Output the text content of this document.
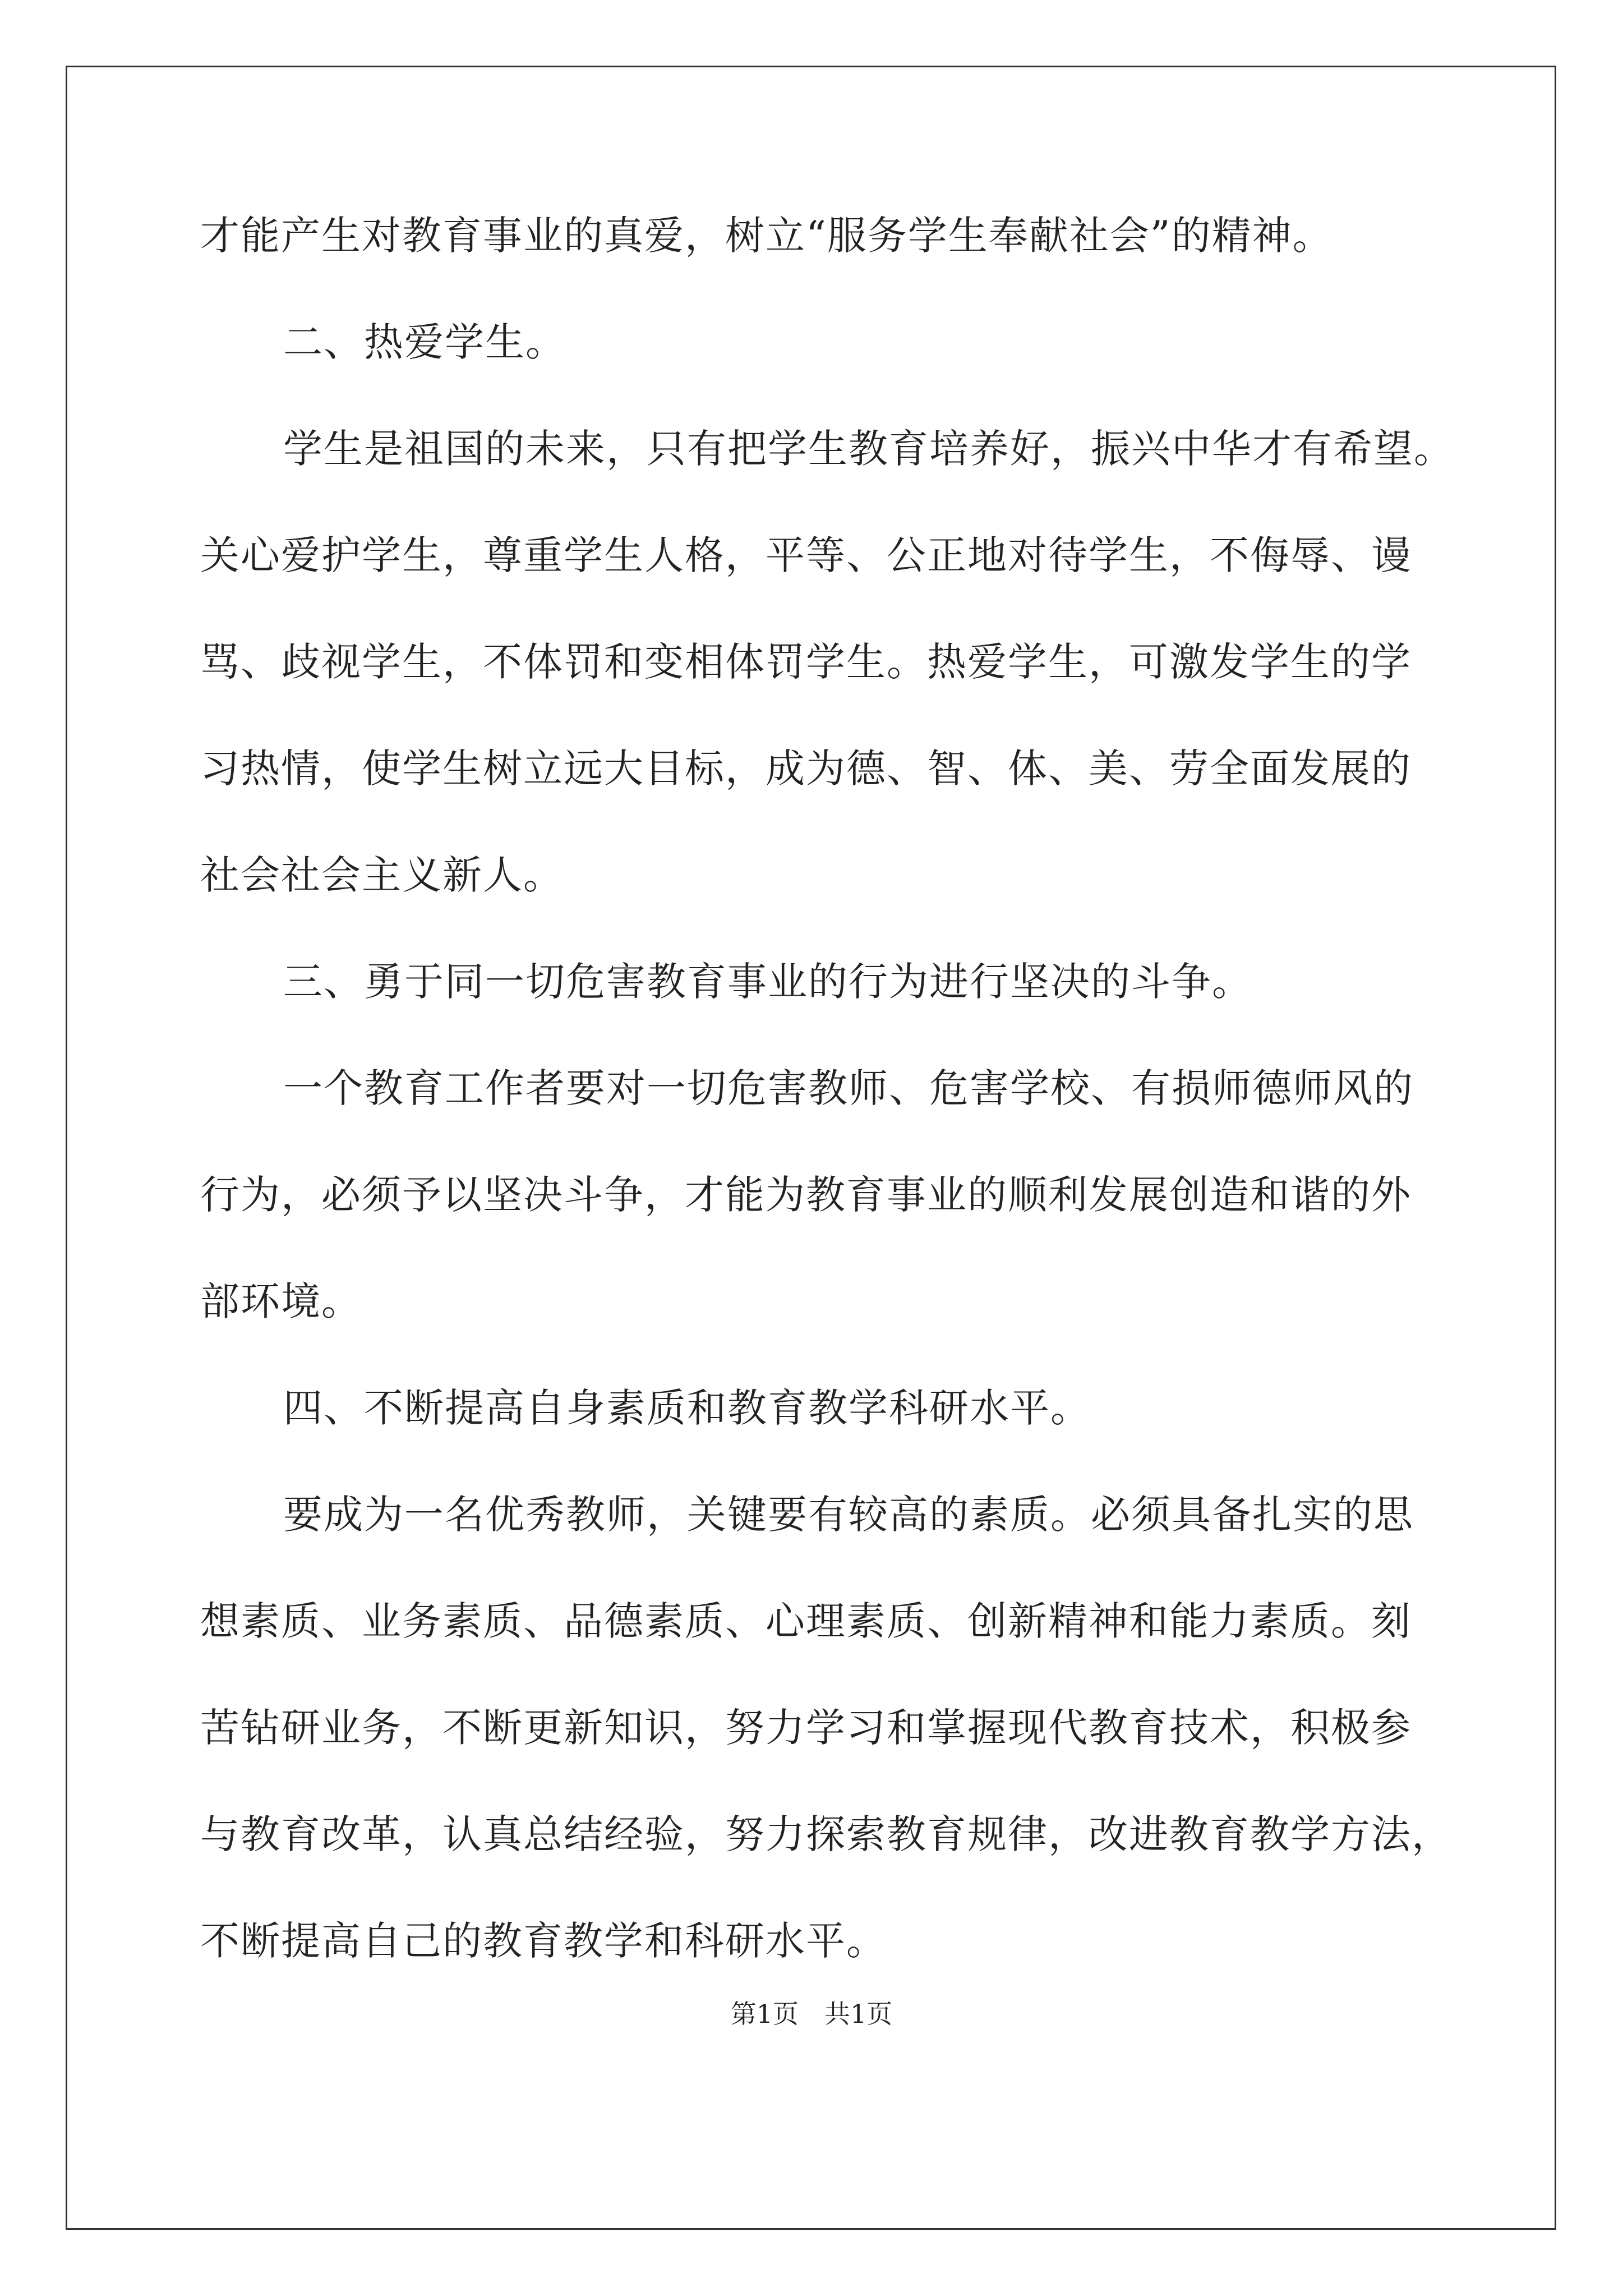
才能产生对教育事业的真爱，树立“服务学生奉献社会”的精神。
二、热爱学生。
学生是祖国的未来，只有把学生教育培养好，振兴中华才有希望。
关心爱护学生，尊重学生人格，平等、公正地对待学生，不侮辱、谩
骂、歧视学生，不体罚和变相体罚学生。热爱学生，可激发学生的学
习热情，使学生树立远大目标，成为德、智、体、美、劳全面发展的
社会社会主义新人。
三、勇于同一切危害教育事业的行为进行坚决的斗争。
一个教育工作者要对一切危害教师、危害学校、有损师德师风的
行为，必须予以坚决斗争，才能为教育事业的顺利发展创造和谐的外
部环境。
四、不断提高自身素质和教育教学科研水平。
要成为一名优秀教师，关键要有较高的素质。必须具备扎实的思
想素质、业务素质、品德素质、心理素质、创新精神和能力素质。刻
苦钻研业务，不断更新知识，努力学习和掌握现代教育技术，积极参
与教育改革，认真总结经验，努力探索教育规律，改进教育教学方法，
不断提高自己的教育教学和科研水平。
第1页　共1页
